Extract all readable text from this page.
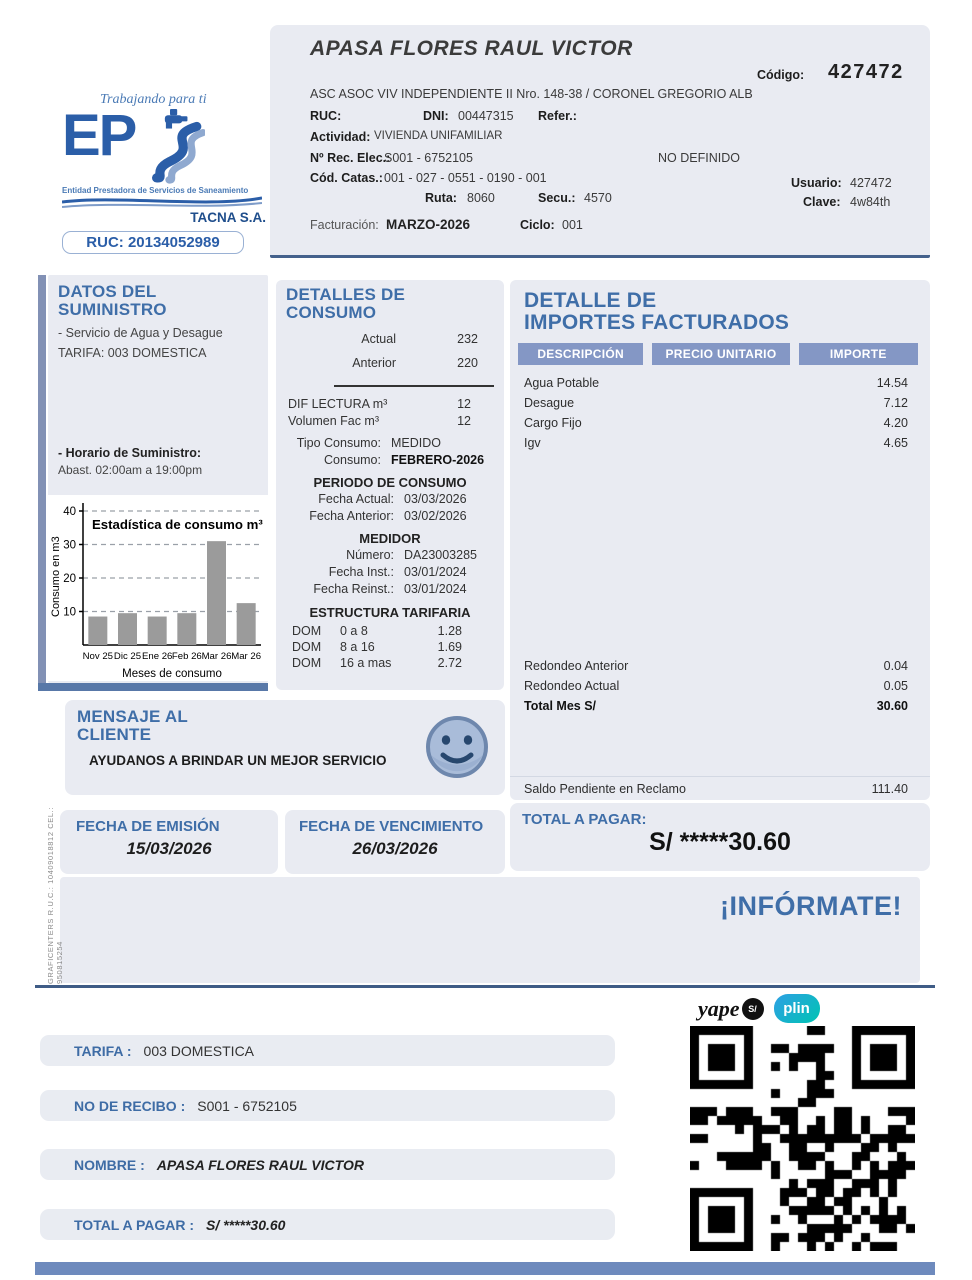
Trabajando para ti
EP
Entidad Prestadora de Servicios de Saneamiento
TACNA S.A.
RUC: 20134052989
APASA FLORES RAUL VICTOR
Código: 427472
ASC ASOC VIV INDEPENDIENTE II Nro. 148-38 / CORONEL GREGORIO ALB
RUC:	DNI: 00447315 Refer.:
Actividad: VIVIENDA UNIFAMILIAR
Nº Rec. Elec.:
S001 - 6752105	NO DEFINIDO
Cód. Catas.: 001 - 027 - 0551 - 0190 - 001
Ruta: 8060	Secu.: 4570
Usuario: 427472
Clave: 4w84th
Facturación: MARZO-2026	Ciclo: 001
DATOS DEL
SUMINISTRO
- Servicio de Agua y Desague
TARIFA: 003 DOMESTICA
- Horario de Suministro:
Abast. 02:00am a 19:00pm
10
20
30
40
Nov 25 Dic 25 Ene 26 Feb 26 Mar 26 Mar 26
Estadística de consumo m³
Meses de consumo
Consumo en m3
DETALLES DE
CONSUMO
Actual	232
Anterior	220
DIF LECTURA m³	12
Volumen Fac m³	12
Tipo Consumo: MEDIDO
Consumo: FEBRERO-2026
PERIODO DE CONSUMO
Fecha Actual: 03/03/2026
Fecha Anterior: 03/02/2026
MEDIDOR
Número: DA23003285
Fecha Inst.: 03/01/2024
Fecha Reinst.: 03/01/2024
ESTRUCTURA TARIFARIA
DOM	0 a 8	1.28
DOM	8 a 16	1.69
DOM	16 a mas	2.72
DETALLE DE
IMPORTES FACTURADOS
DESCRIPCIÓN	PRECIO UNITARIO	IMPORTE
Agua Potable	14.54
Desague	7.12
Cargo Fijo	4.20
Igv	4.65
Redondeo Anterior	0.04
Redondeo Actual	0.05
Total Mes S/	30.60
Saldo Pendiente en Reclamo	111.40
MENSAJE AL
CLIENTE
AYUDANOS A BRINDAR UN MEJOR SERVICIO
FECHA DE EMISIÓN
15/03/2026
FECHA DE VENCIMIENTO
26/03/2026
TOTAL A PAGAR:
S/ *****30.60
¡INFÓRMATE!
GRAFICENTERS R.U.C.: 10409018812 CEL.: 950815254
yape S/	plin
TARIFA : 003 DOMESTICA
NO DE RECIBO : S001 - 6752105
NOMBRE : APASA FLORES RAUL VICTOR
TOTAL A PAGAR : S/ *****30.60
